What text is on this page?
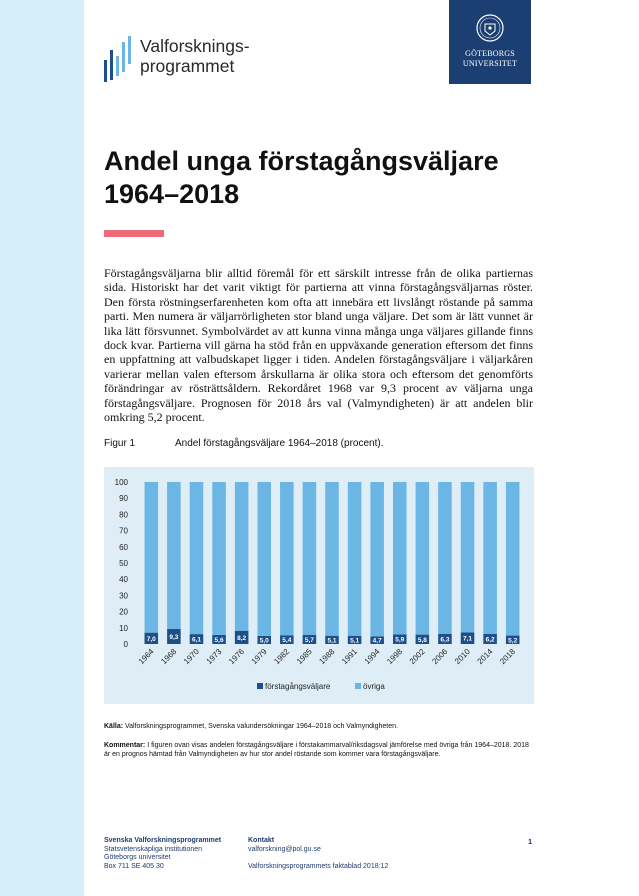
Valforsknings-
programmet
GÖTEBORGS
UNIVERSITET
Andel unga förstagångsväljare
1964–2018
Förstagångsväljarna blir alltid föremål för ett särskilt intresse från de olika partiernas sida. Historiskt har det varit viktigt för partierna att vinna förstagångsväljarnas röster. Den första röstningserfarenheten kom ofta att innebära ett livslångt röstande på samma parti. Men numera är väljarrörligheten stor bland unga väljare. Det som är lätt vunnet är lika lätt försvunnet. Symbolvärdet av att kunna vinna många unga väljares gillande finns dock kvar. Partierna vill gärna ha stöd från en uppväxande generation eftersom det finns en uppfattning att valbudskapet ligger i tiden. Andelen förstagångsväljare i väljarkåren varierar mellan valen eftersom årskullarna är olika stora och eftersom det genomförts förändringar av rösträttsåldern. Rekordåret 1968 var 9,3 procent av väljarna unga förstagångsväljare. Prognosen för 2018 års val (Valmyndigheten) är att andelen blir omkring 5,2 procent.
Figur 1	Andel förstagångsväljare 1964–2018 (procent).
0
10
20
30
40
50
60
70
80
90
100
7,0
1964
9,3
1968
6,1
1970
5,6
1973
8,2
1976
5,0
1979
5,4
1982
5,7
1985
5,1
1988
5,1
1991
4,7
1994
5,9
1998
5,8
2002
6,3
2006
7,1
2010
6,2
2014
5,2
2018
förstagångsväljare	övriga
Källa: Valforskningsprogrammet, Svenska valundersökningar 1964–2018 och Valmyndigheten.
Kommentar: I figuren ovan visas andelen förstagångsväljare i förstakammarval/riksdagsval jämförelse med övriga från 1964–2018. 2018 är en prognos hämtad från Valmyndigheten av hur stor andel röstande som kommer vara förstagångsväljare.
Svenska Valforskningsprogrammet
Statsvetenskapliga institutionen
Göteborgs universitet
Box 711 SE 405 30
Kontakt
valforskning@pol.gu.se
Valforskningsprogrammets faktablad 2018:12
1
